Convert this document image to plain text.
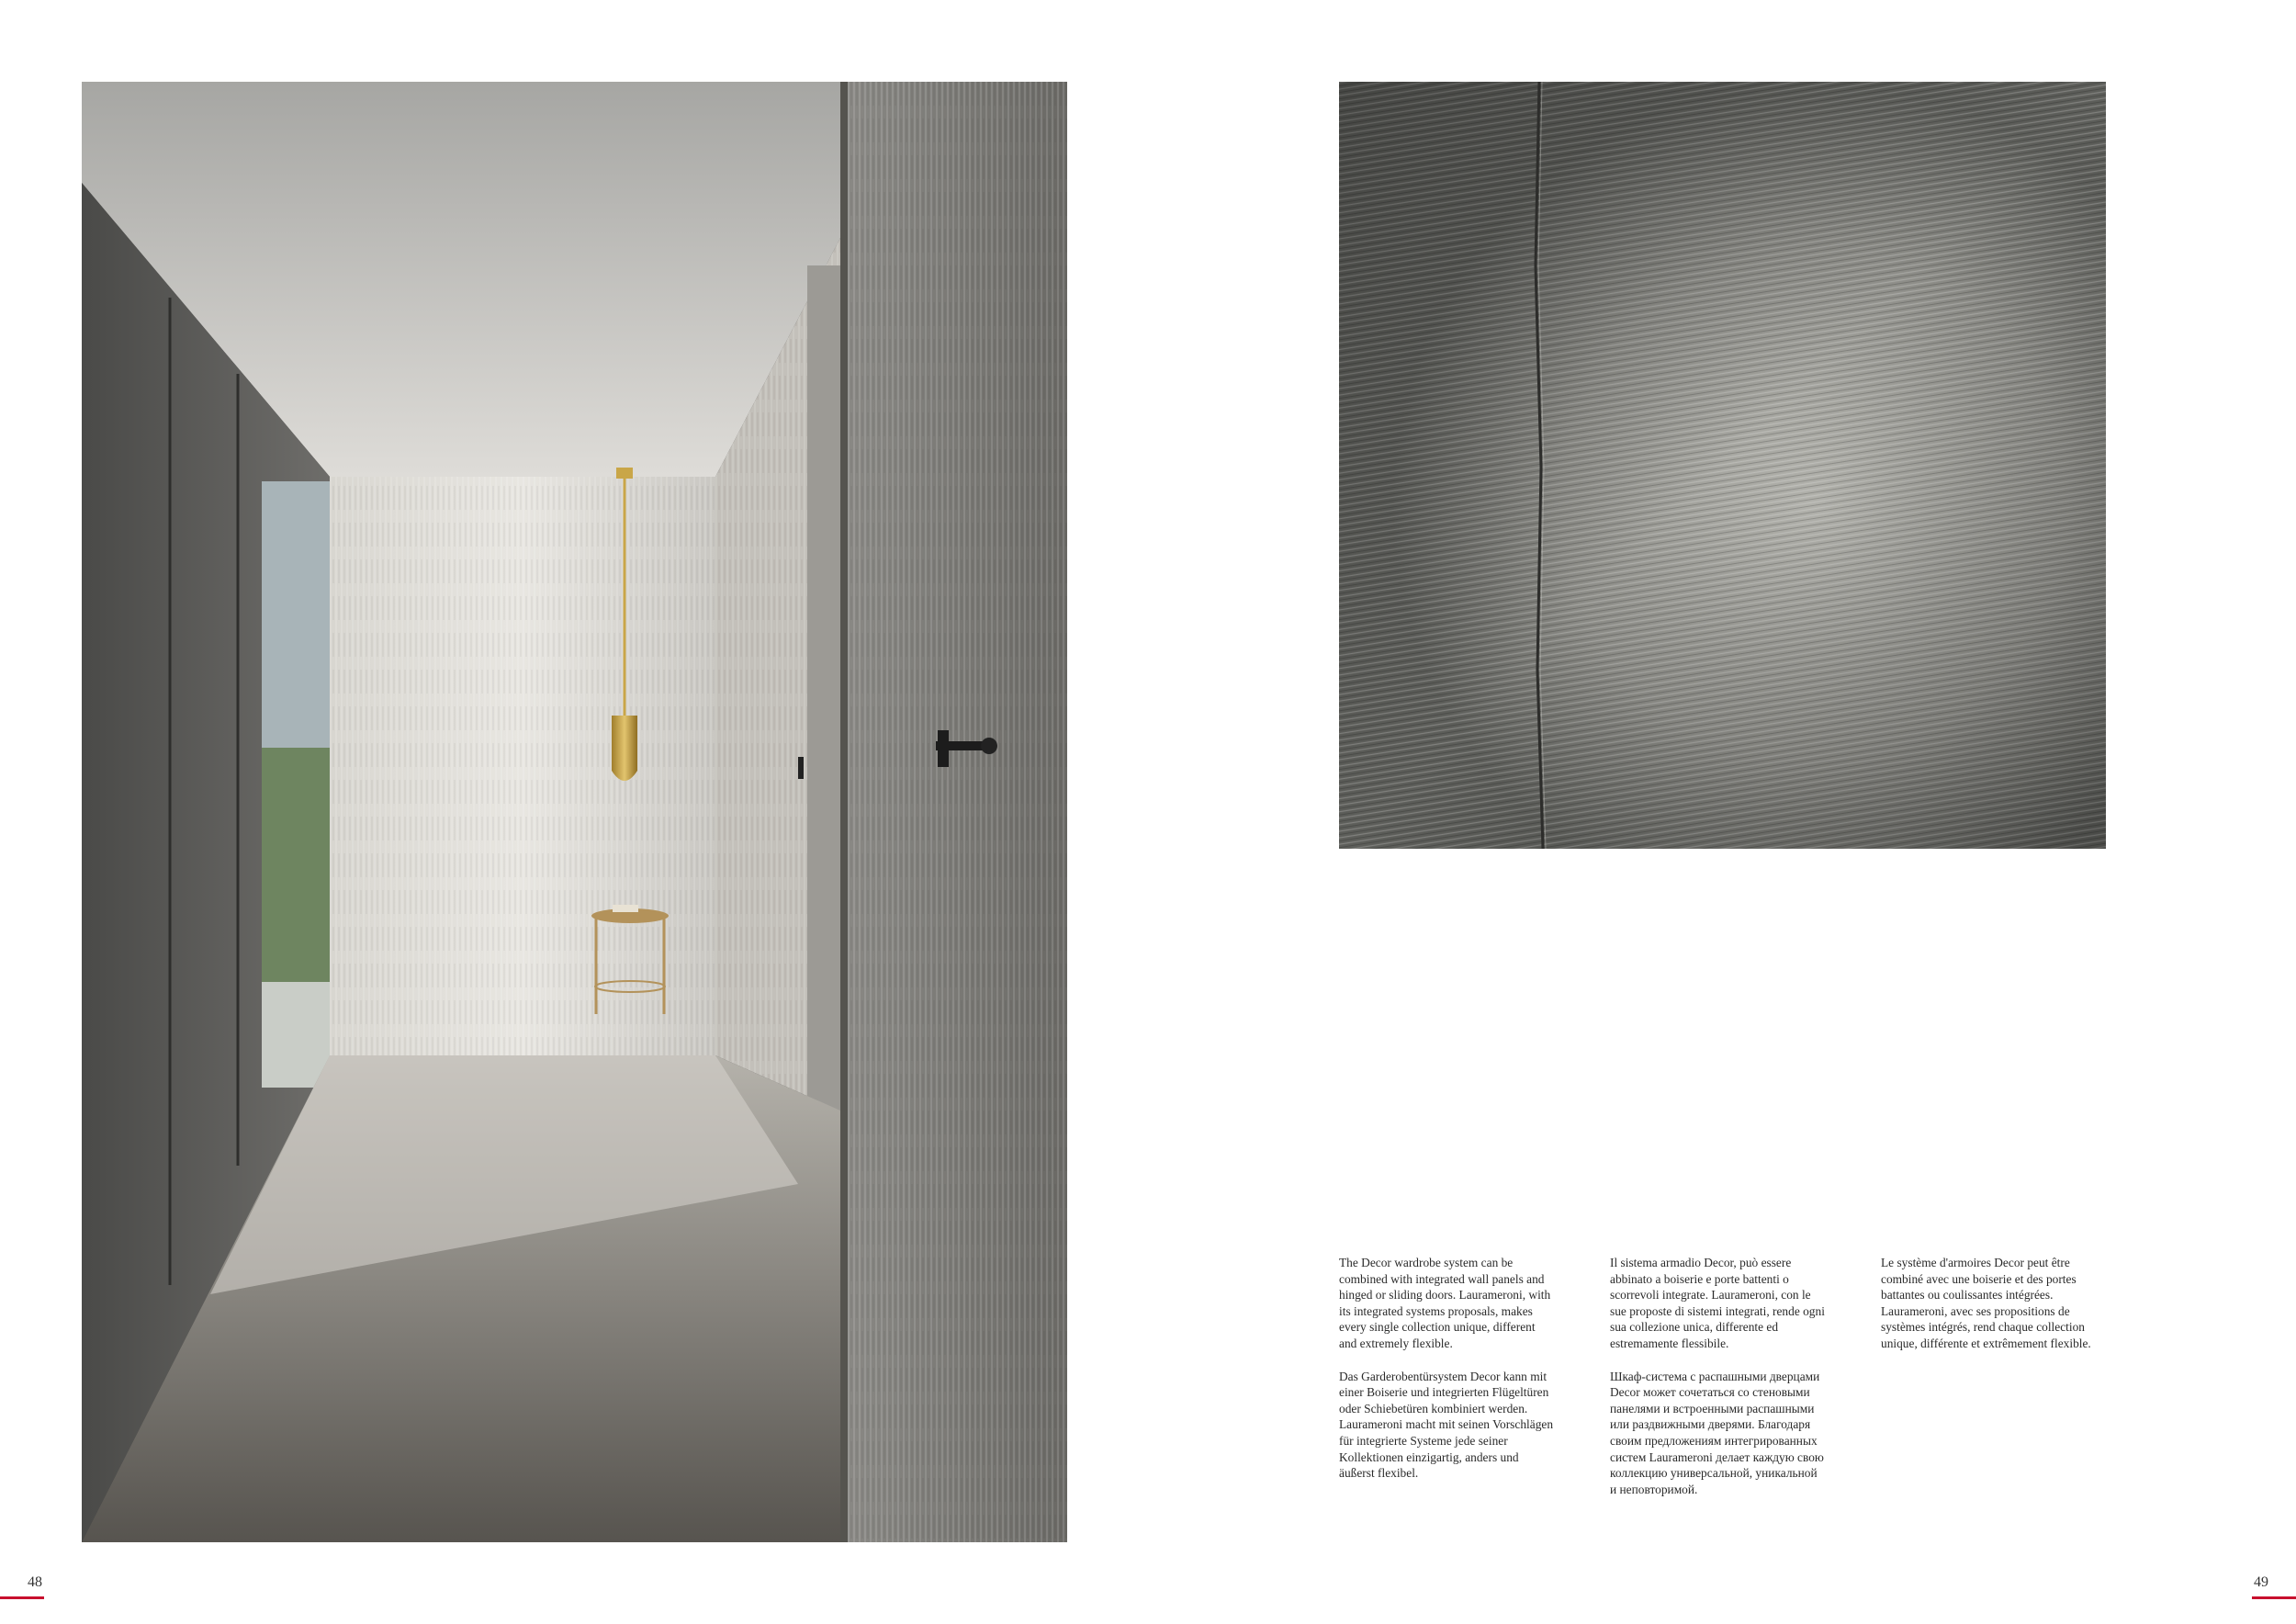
The Decor wardrobe system can be combined with integrated wall panels and hinged or sliding doors. Laurameroni, with its integrated systems proposals, makes every single collection unique, different and extremely flexible.

Das Garderobentürsystem Decor kann mit einer Boiserie und integrierten Flügeltüren oder Schiebetüren kombiniert werden. Laurameroni macht mit seinen Vorschlägen für integrierte Systeme jede seiner Kollektionen einzigartig, anders und äußerst flexibel.

Il sistema armadio Decor, può essere abbinato a boiserie e porte battenti o scorrevoli integrate. Laurameroni, con le sue proposte di sistemi integrati, rende ogni sua collezione unica, differente ed estremamente flessibile.

Шкаф-система с распашными дверцами Decor может сочетаться со стеновыми панелями и встроенными распашными или раздвижными дверями. Благодаря своим предложениям интегрированных систем Laurameroni делает каждую свою коллекцию универсальной, уникальной и неповторимой.

Le système d'armoires Decor peut être combiné avec une boiserie et des portes battantes ou coulissantes intégrées. Laurameroni, avec ses propositions de systèmes intégrés, rend chaque collection unique, différente et extrêmement flexible.

48	49
